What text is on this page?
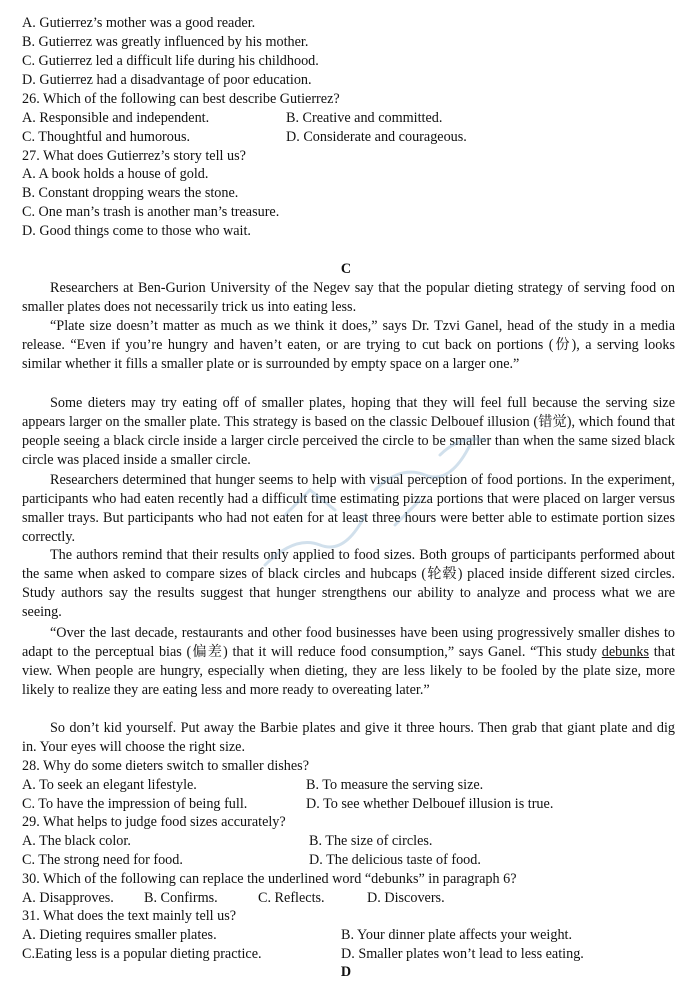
A. Gutierrez’s mother was a good reader.
B. Gutierrez was greatly influenced by his mother.
C. Gutierrez led a difficult life during his childhood.
D. Gutierrez had a disadvantage of poor education.
26. Which of the following can best describe Gutierrez?
A. Responsible and independent.	B. Creative and committed.
C. Thoughtful and humorous.	D. Considerate and courageous.
27. What does Gutierrez’s story tell us?
A. A book holds a house of gold.
B. Constant dropping wears the stone.
C. One man’s trash is another man’s treasure.
D. Good things come to those who wait.
C
Researchers at Ben-Gurion University of the Negev say that the popular dieting strategy of serving food on smaller plates does not necessarily trick us into eating less.
“Plate size doesn’t matter as much as we think it does,” says Dr. Tzvi Ganel, head of the study in a media release. “Even if you’re hungry and haven’t eaten, or are trying to cut back on portions (份), a serving looks similar whether it fills a smaller plate or is surrounded by empty space on a larger one.”
Some dieters may try eating off of smaller plates, hoping that they will feel full because the serving size appears larger on the smaller plate. This strategy is based on the classic Delbouef illusion (错觉), which found that people seeing a black circle inside a larger circle perceived the circle to be smaller than when the same sized black circle was placed inside a smaller circle.
Researchers determined that hunger seems to help with visual perception of food portions. In the experiment, participants who had eaten recently had a difficult time estimating pizza portions that were placed on larger versus smaller trays. But participants who had not eaten for at least three hours were better able to estimate portion sizes correctly.
The authors remind that their results only applied to food sizes. Both groups of participants performed about the same when asked to compare sizes of black circles and hubcaps (轮毂) placed inside different sized circles. Study authors say the results suggest that hunger strengthens our ability to analyze and process what we are seeing.
“Over the last decade, restaurants and other food businesses have been using progressively smaller dishes to adapt to the perceptual bias (偏差) that it will reduce food consumption,” says Ganel. “This study debunks that view. When people are hungry, especially when dieting, they are less likely to be fooled by the plate size, more likely to realize they are eating less and more ready to overeating later.”
So don’t kid yourself. Put away the Barbie plates and give it three hours. Then grab that giant plate and dig in. Your eyes will choose the right size.
28. Why do some dieters switch to smaller dishes?
A. To seek an elegant lifestyle.	B. To measure the serving size.
C. To have the impression of being full.	D. To see whether Delbouef illusion is true.
29. What helps to judge food sizes accurately?
A. The black color.	B. The size of circles.
C. The strong need for food.	D. The delicious taste of food.
30. Which of the following can replace the underlined word “debunks” in paragraph 6?
A. Disapproves. B. Confirms.	C. Reflects.	D. Discovers.
31. What does the text mainly tell us?
A. Dieting requires smaller plates.	B. Your dinner plate affects your weight.
C.Eating less is a popular dieting practice.	D. Smaller plates won’t lead to less eating.
D
